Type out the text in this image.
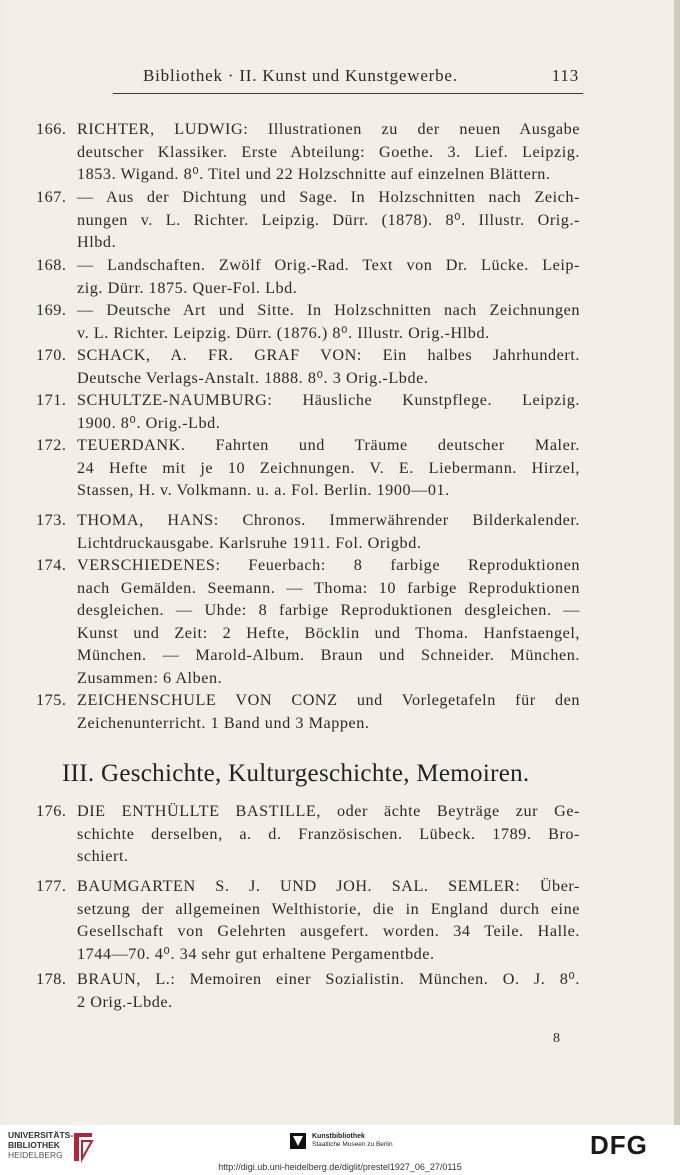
Bibliothek · II. Kunst und Kunstgewerbe.	113
166. RICHTER, LUDWIG: Illustrationen zu der neuen Ausgabe
deutscher Klassiker. Erste Abteilung: Goethe. 3. Lief. Leipzig.
1853. Wigand. 8⁰. Titel und 22 Holzschnitte auf einzelnen Blättern.
167. — Aus der Dichtung und Sage. In Holzschnitten nach Zeich-
nungen v. L. Richter. Leipzig. Dürr. (1878). 8⁰. Illustr. Orig.-
Hlbd.
168. — Landschaften. Zwölf Orig.-Rad. Text von Dr. Lücke. Leip-
zig. Dürr. 1875. Quer-Fol. Lbd.
169. — Deutsche Art und Sitte. In Holzschnitten nach Zeichnungen
v. L. Richter. Leipzig. Dürr. (1876.) 8⁰. Illustr. Orig.-Hlbd.
170. SCHACK, A. FR. GRAF VON: Ein halbes Jahrhundert.
Deutsche Verlags-Anstalt. 1888. 8⁰. 3 Orig.-Lbde.
171. SCHULTZE-NAUMBURG: Häusliche Kunstpflege. Leipzig.
1900. 8⁰. Orig.-Lbd.
172. TEUERDANK. Fahrten und Träume deutscher Maler.
24 Hefte mit je 10 Zeichnungen. V. E. Liebermann. Hirzel,
Stassen, H. v. Volkmann. u. a. Fol. Berlin. 1900—01.
173. THOMA, HANS: Chronos. Immerwährender Bilderkalender.
Lichtdruckausgabe. Karlsruhe 1911. Fol. Origbd.
174. VERSCHIEDENES: Feuerbach: 8 farbige Reproduktionen
nach Gemälden. Seemann. — Thoma: 10 farbige Reproduktionen
desgleichen. — Uhde: 8 farbige Reproduktionen desgleichen. —
Kunst und Zeit: 2 Hefte, Böcklin und Thoma. Hanfstaengel,
München. — Marold-Album. Braun und Schneider. München.
Zusammen: 6 Alben.
175. ZEICHENSCHULE VON CONZ und Vorlegetafeln für den
Zeichenunterricht. 1 Band und 3 Mappen.
III. Geschichte, Kulturgeschichte, Memoiren.
176. DIE ENTHÜLLTE BASTILLE, oder ächte Beyträge zur Ge-
schichte derselben, a. d. Französischen. Lübeck. 1789. Bro-
schiert.
177. BAUMGARTEN S. J. UND JOH. SAL. SEMLER: Über-
setzung der allgemeinen Welthistorie, die in England durch eine
Gesellschaft von Gelehrten ausgefert. worden. 34 Teile. Halle.
1744—70. 4⁰. 34 sehr gut erhaltene Pergamentbde.
178. BRAUN, L.: Memoiren einer Sozialistin. München. O. J. 8⁰.
2 Orig.-Lbde.
8
UNIVERSITÄTS-
BIBLIOTHEK
HEIDELBERG
Kunstbibliothek
Staatliche Museen zu Berlin
http://digi.ub.uni-heidelberg.de/diglit/prestel1927_06_27/0115
DFG
